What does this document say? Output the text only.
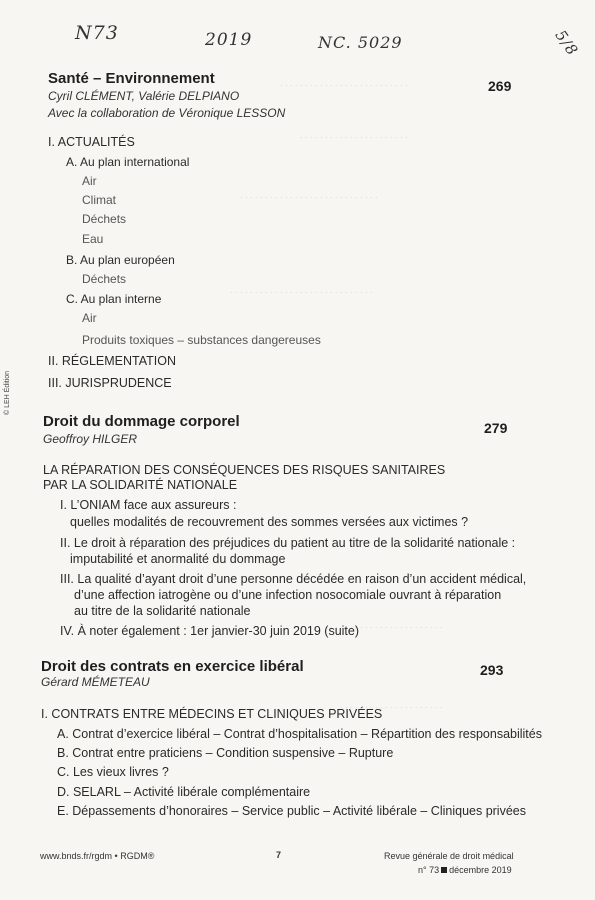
. . . . . . . . . . . . . . . . . . . . . . . . . .
. . . . . . . . . . . . . . . . . . . . . .
. . . . . . . . . . . . . . . . . . . . . . . . . . . .
. . . . . . . . . . . . . . . . . . . . . . . . . . . . .
. . . . . . . . . . . . . . . . . . . . . . .
. . . . . . . . . . . . . . . . . . . . .
N73	2019	NC. 5029	5/8
© LEH Édition
Santé – Environnement	269
Cyril CLÉMENT, Valérie DELPIANO
Avec la collaboration de Véronique LESSON
I. ACTUALITÉS
A. Au plan international
Air
Climat
Déchets
Eau
B. Au plan européen
Déchets
C. Au plan interne
Air
Produits toxiques – substances dangereuses
II. RÉGLEMENTATION
III. JURISPRUDENCE
Droit du dommage corporel	279
Geoffroy HILGER
LA RÉPARATION DES CONSÉQUENCES DES RISQUES SANITAIRES
PAR LA SOLIDARITÉ NATIONALE
I. L’ONIAM face aux assureurs :
quelles modalités de recouvrement des sommes versées aux victimes ?
II. Le droit à réparation des préjudices du patient au titre de la solidarité nationale :
imputabilité et anormalité du dommage
III. La qualité d’ayant droit d’une personne décédée en raison d’un accident médical,
d’une affection iatrogène ou d’une infection nosocomiale ouvrant à réparation
au titre de la solidarité nationale
IV. À noter également : 1er janvier-30 juin 2019 (suite)
Droit des contrats en exercice libéral	293
Gérard MÉMETEAU
I. CONTRATS ENTRE MÉDECINS ET CLINIQUES PRIVÉES
A. Contrat d’exercice libéral – Contrat d’hospitalisation – Répartition des responsabilités
B. Contrat entre praticiens – Condition suspensive – Rupture
C. Les vieux livres ?
D. SELARL – Activité libérale complémentaire
E. Dépassements d’honoraires – Service public – Activité libérale – Cliniques privées
www.bnds.fr/rgdm • RGDM®	7	Revue générale de droit médical
n° 73 décembre 2019
